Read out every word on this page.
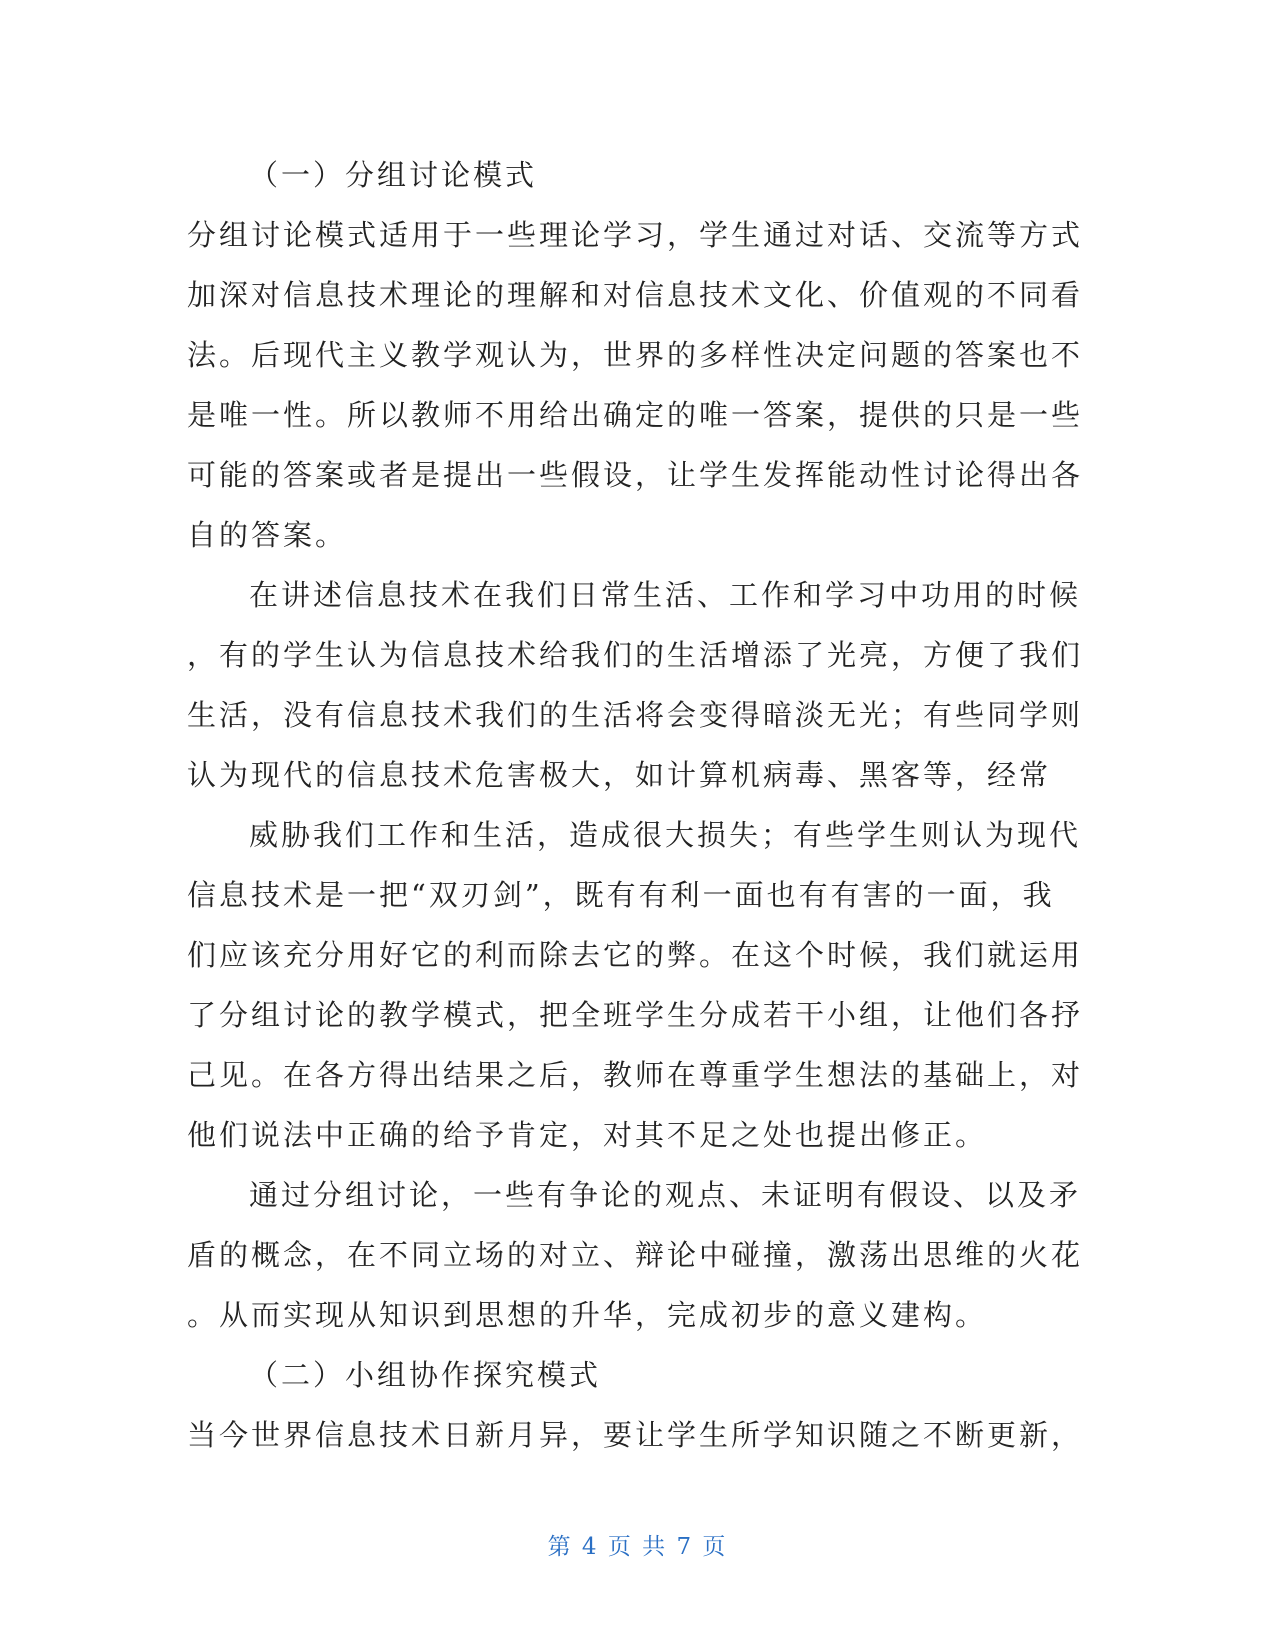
（一）分组讨论模式
分组讨论模式适用于一些理论学习，学生通过对话、交流等方式
加深对信息技术理论的理解和对信息技术文化、价值观的不同看
法。后现代主义教学观认为，世界的多样性决定问题的答案也不
是唯一性。所以教师不用给出确定的唯一答案，提供的只是一些
可能的答案或者是提出一些假设，让学生发挥能动性讨论得出各
自的答案。
在讲述信息技术在我们日常生活、工作和学习中功用的时候
，有的学生认为信息技术给我们的生活增添了光亮，方便了我们
生活，没有信息技术我们的生活将会变得暗淡无光；有些同学则
认为现代的信息技术危害极大，如计算机病毒、黑客等，经常
威胁我们工作和生活，造成很大损失；有些学生则认为现代
信息技术是一把“双刃剑”，既有有利一面也有有害的一面，我
们应该充分用好它的利而除去它的弊。在这个时候，我们就运用
了分组讨论的教学模式，把全班学生分成若干小组，让他们各抒
己见。在各方得出结果之后，教师在尊重学生想法的基础上，对
他们说法中正确的给予肯定，对其不足之处也提出修正。
通过分组讨论，一些有争论的观点、未证明有假设、以及矛
盾的概念，在不同立场的对立、辩论中碰撞，激荡出思维的火花
。从而实现从知识到思想的升华，完成初步的意义建构。
（二）小组协作探究模式
当今世界信息技术日新月异，要让学生所学知识随之不断更新，
第 4 页 共 7 页
